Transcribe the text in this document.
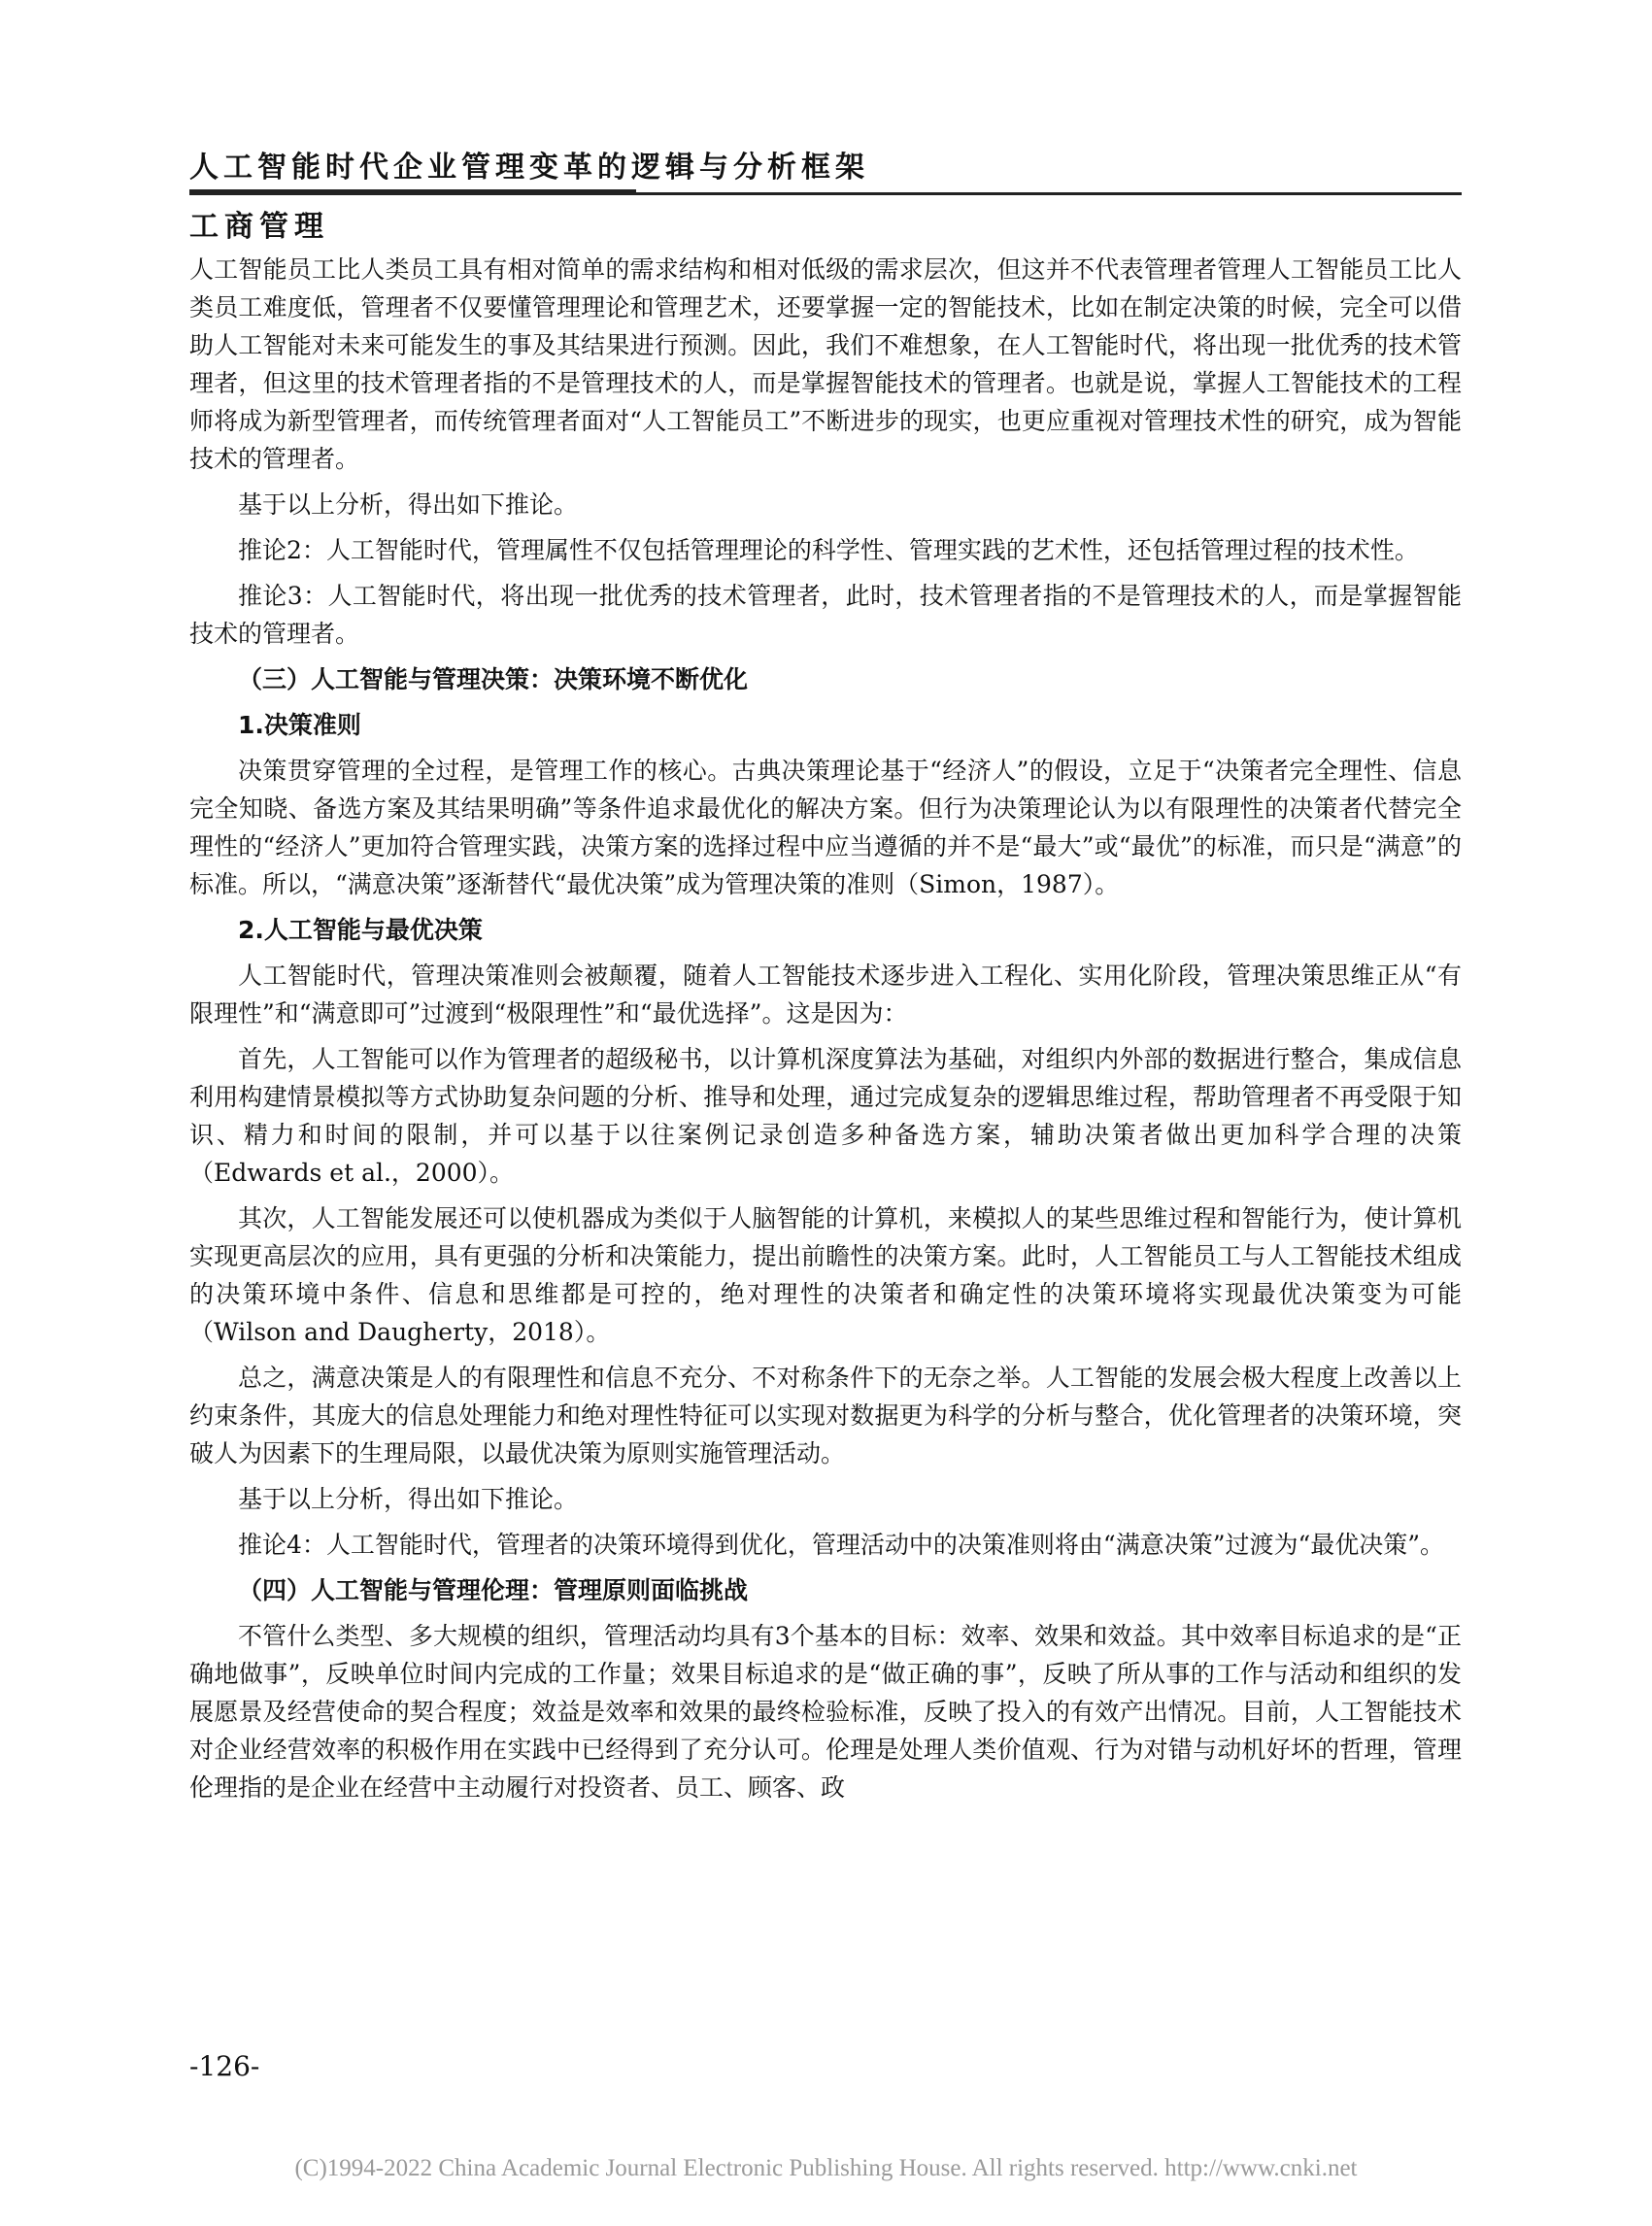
人工智能时代企业管理变革的逻辑与分析框架
工商管理

人工智能员工比人类员工具有相对简单的需求结构和相对低级的需求层次，但这并不代表管理者管理人工智能员工比人类员工难度低，管理者不仅要懂管理理论和管理艺术，还要掌握一定的智能技术，比如在制定决策的时候，完全可以借助人工智能对未来可能发生的事及其结果进行预测。因此，我们不难想象，在人工智能时代，将出现一批优秀的技术管理者，但这里的技术管理者指的不是管理技术的人，而是掌握智能技术的管理者。也就是说，掌握人工智能技术的工程师将成为新型管理者，而传统管理者面对“人工智能员工”不断进步的现实，也更应重视对管理技术性的研究，成为智能技术的管理者。

基于以上分析，得出如下推论。

推论2：人工智能时代，管理属性不仅包括管理理论的科学性、管理实践的艺术性，还包括管理过程的技术性。

推论3：人工智能时代，将出现一批优秀的技术管理者，此时，技术管理者指的不是管理技术的人，而是掌握智能技术的管理者。

（三）人工智能与管理决策：决策环境不断优化
1.决策准则

决策贯穿管理的全过程，是管理工作的核心。古典决策理论基于“经济人”的假设，立足于“决策者完全理性、信息完全知晓、备选方案及其结果明确”等条件追求最优化的解决方案。但行为决策理论认为以有限理性的决策者代替完全理性的“经济人”更加符合管理实践，决策方案的选择过程中应当遵循的并不是“最大”或“最优”的标准，而只是“满意”的标准。所以，“满意决策”逐渐替代“最优决策”成为管理决策的准则（Simon，1987）。

2.人工智能与最优决策

人工智能时代，管理决策准则会被颠覆，随着人工智能技术逐步进入工程化、实用化阶段，管理决策思维正从“有限理性”和“满意即可”过渡到“极限理性”和“最优选择”。这是因为：

首先，人工智能可以作为管理者的超级秘书，以计算机深度算法为基础，对组织内外部的数据进行整合，集成信息利用构建情景模拟等方式协助复杂问题的分析、推导和处理，通过完成复杂的逻辑思维过程，帮助管理者不再受限于知识、精力和时间的限制，并可以基于以往案例记录创造多种备选方案，辅助决策者做出更加科学合理的决策（Edwards et al.，2000）。

其次，人工智能发展还可以使机器成为类似于人脑智能的计算机，来模拟人的某些思维过程和智能行为，使计算机实现更高层次的应用，具有更强的分析和决策能力，提出前瞻性的决策方案。此时，人工智能员工与人工智能技术组成的决策环境中条件、信息和思维都是可控的，绝对理性的决策者和确定性的决策环境将实现最优决策变为可能（Wilson and Daugherty，2018）。

总之，满意决策是人的有限理性和信息不充分、不对称条件下的无奈之举。人工智能的发展会极大程度上改善以上约束条件，其庞大的信息处理能力和绝对理性特征可以实现对数据更为科学的分析与整合，优化管理者的决策环境，突破人为因素下的生理局限，以最优决策为原则实施管理活动。

基于以上分析，得出如下推论。

推论4：人工智能时代，管理者的决策环境得到优化，管理活动中的决策准则将由“满意决策”过渡为“最优决策”。

（四）人工智能与管理伦理：管理原则面临挑战

不管什么类型、多大规模的组织，管理活动均具有3个基本的目标：效率、效果和效益。其中效率目标追求的是“正确地做事”，反映单位时间内完成的工作量；效果目标追求的是“做正确的事”，反映了所从事的工作与活动和组织的发展愿景及经营使命的契合程度；效益是效率和效果的最终检验标准，反映了投入的有效产出情况。目前，人工智能技术对企业经营效率的积极作用在实践中已经得到了充分认可。伦理是处理人类价值观、行为对错与动机好坏的哲理，管理伦理指的是企业在经营中主动履行对投资者、员工、顾客、政

-126-
(C)1994-2022 China Academic Journal Electronic Publishing House. All rights reserved. http://www.cnki.net
